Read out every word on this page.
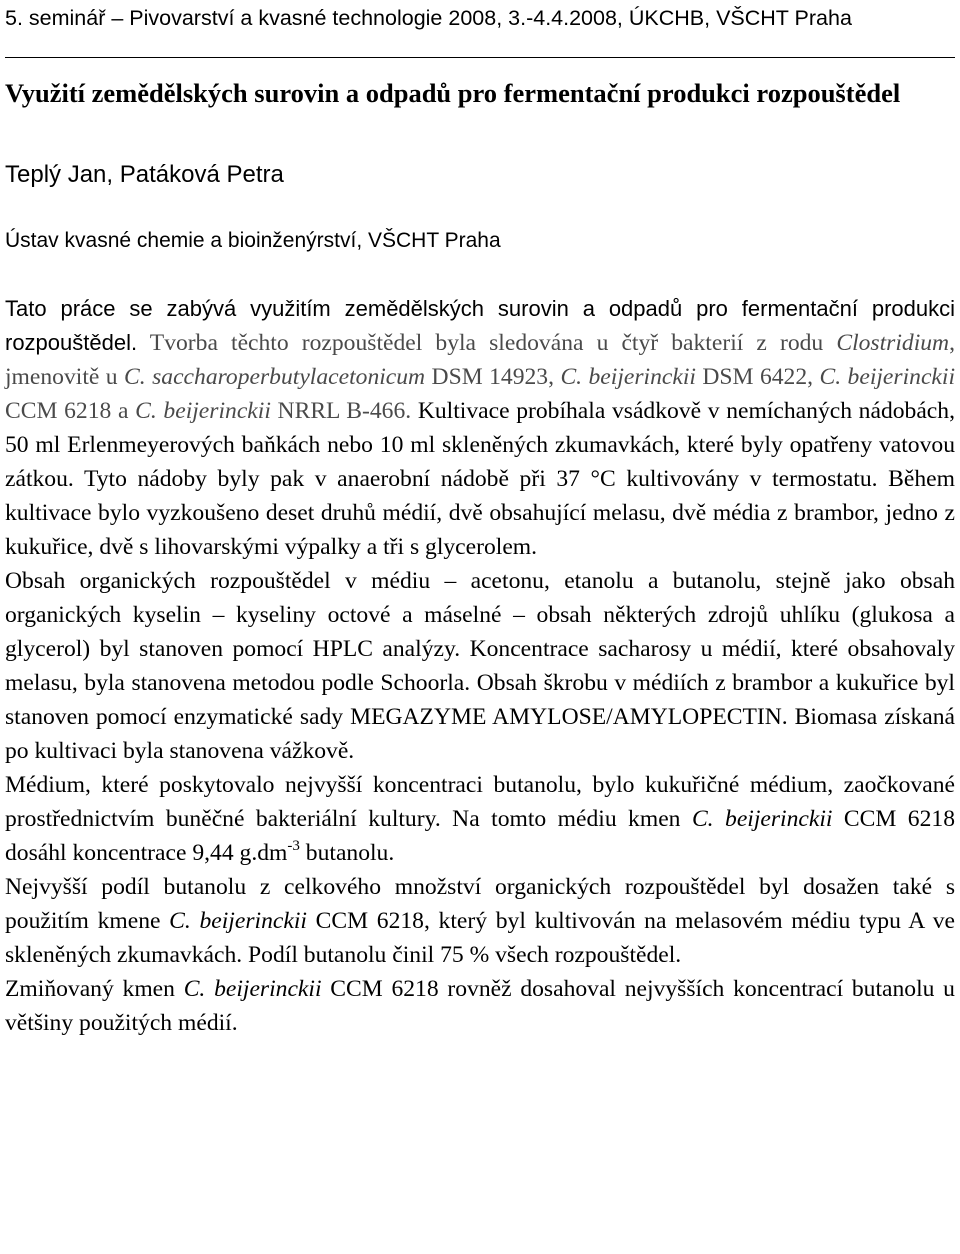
5. seminář – Pivovarství a kvasné technologie 2008, 3.-4.4.2008, ÚKCHB, VŠCHT Praha
Využití zemědělských surovin a odpadů pro fermentační produkci rozpouštědel
Teplý Jan, Patáková Petra
Ústav kvasné chemie a bioinženýrství, VŠCHT Praha

Tato práce se zabývá využitím zemědělských surovin a odpadů pro fermentační produkci rozpouštědel. Tvorba těchto rozpouštědel byla sledována u čtyř bakterií z rodu Clostridium, jmenovitě u C. saccharoperbutylacetonicum DSM 14923, C. beijerinckii DSM 6422, C. beijerinckii CCM 6218 a C. beijerinckii NRRL B-466. Kultivace probíhala vsádkově v nemíchaných nádobách, 50 ml Erlenmeyerových baňkách nebo 10 ml skleněných zkumavkách, které byly opatřeny vatovou zátkou. Tyto nádoby byly pak v anaerobní nádobě při 37 °C kultivovány v termostatu. Během kultivace bylo vyzkoušeno deset druhů médií, dvě obsahující melasu, dvě média z brambor, jedno z kukuřice, dvě s lihovarskými výpalky a tři s glycerolem.

Obsah organických rozpouštědel v médiu – acetonu, etanolu a butanolu, stejně jako obsah organických kyselin – kyseliny octové a máselné – obsah některých zdrojů uhlíku (glukosa a glycerol) byl stanoven pomocí HPLC analýzy. Koncentrace sacharosy u médií, které obsahovaly melasu, byla stanovena metodou podle Schoorla. Obsah škrobu v médiích z brambor a kukuřice byl stanoven pomocí enzymatické sady MEGAZYME AMYLOSE/AMYLOPECTIN. Biomasa získaná po kultivaci byla stanovena vážkově.

Médium, které poskytovalo nejvyšší koncentraci butanolu, bylo kukuřičné médium, zaočkované prostřednictvím buněčné bakteriální kultury. Na tomto médiu kmen C. beijerinckii CCM 6218 dosáhl koncentrace 9,44 $g.dm^{-3}$ butanolu.

Nejvyšší podíl butanolu z celkového množství organických rozpouštědel byl dosažen také s použitím kmene C. beijerinckii CCM 6218, který byl kultivován na melasovém médiu typu A ve skleněných zkumavkách. Podíl butanolu činil 75 % všech rozpouštědel.

Zmiňovaný kmen C. beijerinckii CCM 6218 rovněž dosahoval nejvyšších koncentrací butanolu u většiny použitých médií.
